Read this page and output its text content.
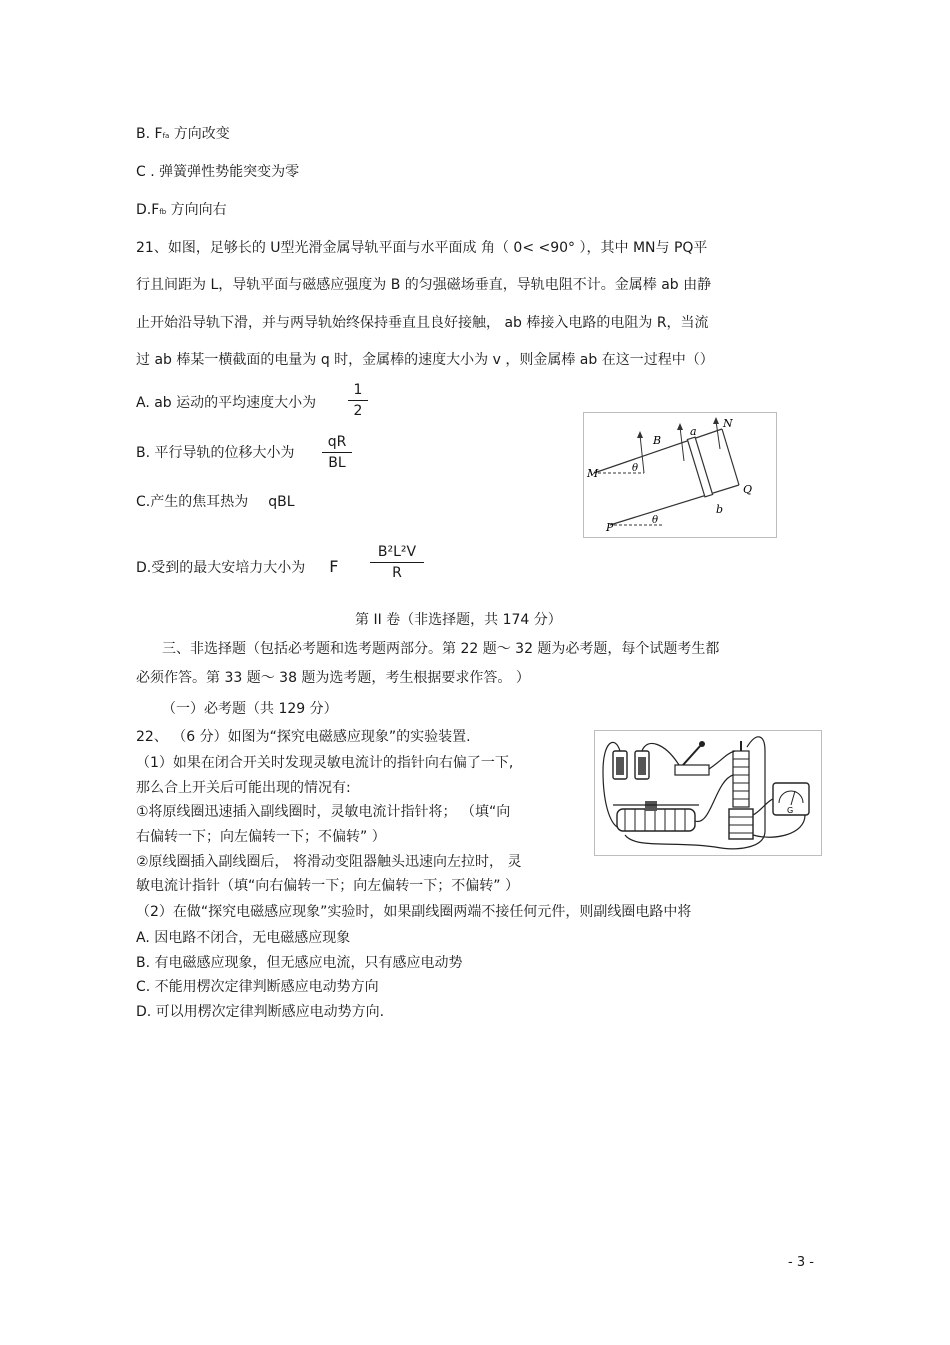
B. Ffa 方向改变
C . 弹簧弹性势能突变为零
D.Ffb 方向向右
21、如图，足够长的 U型光滑金属导轨平面与水平面成 角（ 0< <90° ），其中 MN与 PQ平
行且间距为 L，导轨平面与磁感应强度为 B 的匀强磁场垂直，导轨电阻不计。金属棒 ab 由静
止开始沿导轨下滑，并与两导轨始终保持垂直且良好接触， ab 棒接入电路的电阻为 R，当流
过 ab 棒某一横截面的电量为 q 时，金属棒的速度大小为 v ，则金属棒 ab 在这一过程中（）
A. ab 运动的平均速度大小为
1
2
B. 平行导轨的位移大小为
qR
BL
C.产生的焦耳热为 qBL
D.受到的最大安培力大小为 F
B²L²V
R
B
a
N
M	θ
Q
b
P
θ
第 II 卷（非选择题，共 174 分）
三、非选择题（包括必考题和选考题两部分。第 22 题～ 32 题为必考题，每个试题考生都
必须作答。第 33 题～ 38 题为选考题，考生根据要求作答。 ）
（一）必考题（共 129 分）
22、 （6 分）如图为“探究电磁感应现象”的实验装置.
（1）如果在闭合开关时发现灵敏电流计的指针向右偏了一下,
那么合上开关后可能出现的情况有:
①将原线圈迅速插入副线圈时，灵敏电流计指针将； （填“向
右偏转一下；向左偏转一下；不偏转” ）
②原线圈插入副线圈后， 将滑动变阻器触头迅速向左拉时， 灵
敏电流计指针（填“向右偏转一下；向左偏转一下；不偏转” ）
（2）在做“探究电磁感应现象”实验时，如果副线圈两端不接任何元件，则副线圈电路中将
A. 因电路不闭合，无电磁感应现象
B. 有电磁感应现象，但无感应电流，只有感应电动势
C. 不能用楞次定律判断感应电动势方向
D. 可以用楞次定律判断感应电动势方向.
G
- 3 -
